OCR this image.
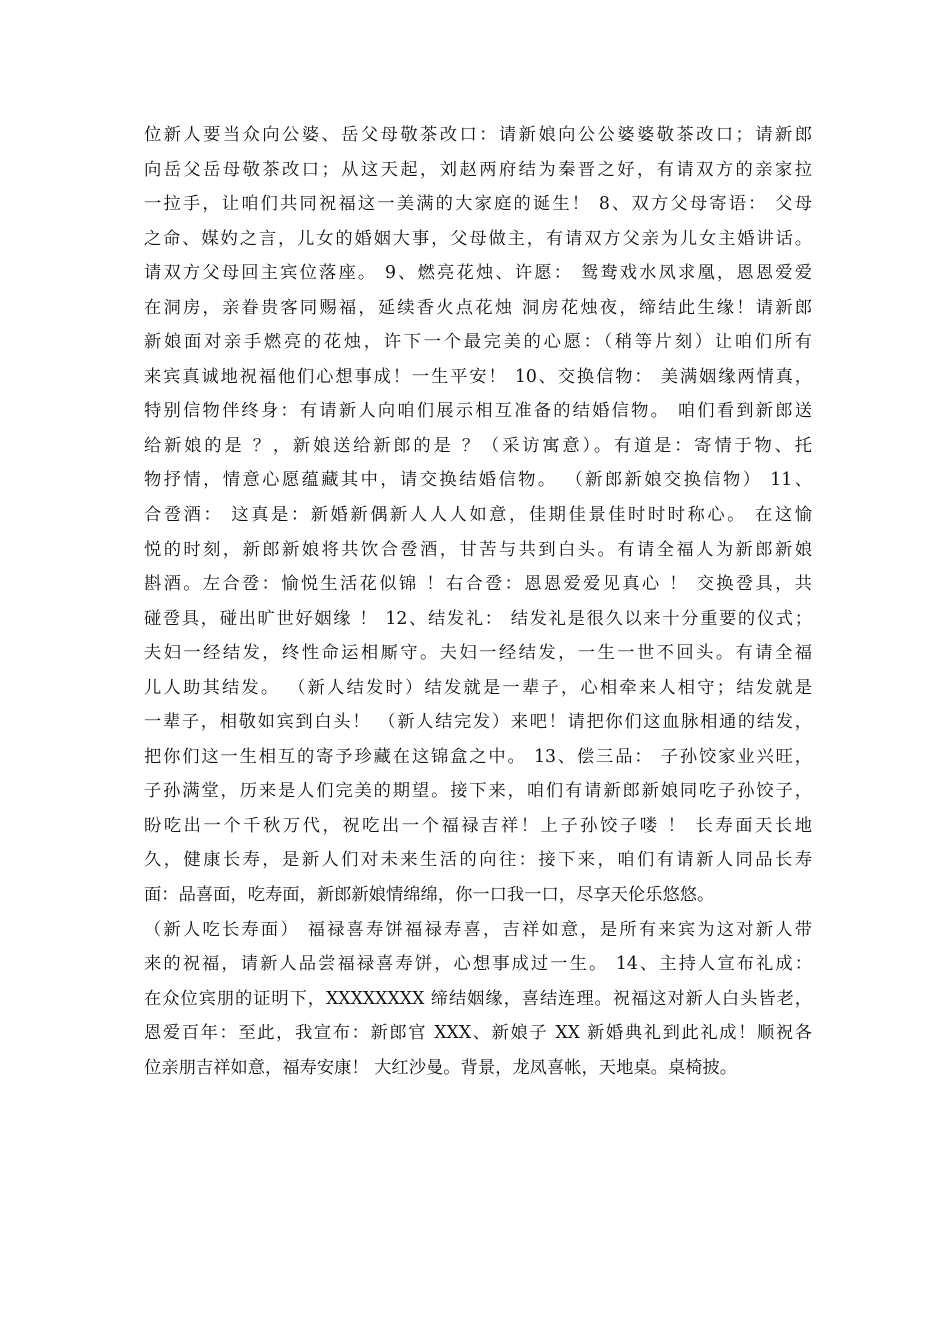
位新人要当众向公婆、岳父母敬茶改口：请新娘向公公婆婆敬茶改口；请新郎
向岳父岳母敬茶改口；从这天起，刘赵两府结为秦晋之好，有请双方的亲家拉
一拉手，让咱们共同祝福这一美满的大家庭的诞生！ 8、双方父母寄语： 父母
之命、媒妁之言，儿女的婚姻大事，父母做主，有请双方父亲为儿女主婚讲话。
请双方父母回主宾位落座。 9、燃亮花烛、许愿： 鸳鸯戏水凤求凰，恩恩爱爱
在洞房，亲眷贵客同赐福，延续香火点花烛 洞房花烛夜，缔结此生缘！请新郎
新娘面对亲手燃亮的花烛，许下一个最完美的心愿：（稍等片刻）让咱们所有
来宾真诚地祝福他们心想事成！一生平安！ 10、交换信物： 美满姻缘两情真，
特别信物伴终身：有请新人向咱们展示相互准备的结婚信物。 咱们看到新郎送
给新娘的是 ？，新娘送给新郎的是 ？（采访寓意）。有道是：寄情于物、托
物抒情，情意心愿蕴藏其中，请交换结婚信物。 （新郎新娘交换信物） 11、
合卺酒： 这真是：新婚新偶新人人人如意，佳期佳景佳时时时称心。 在这愉
悦的时刻，新郎新娘将共饮合卺酒，甘苦与共到白头。有请全福人为新郎新娘
斟酒。左合卺：愉悦生活花似锦 ！右合卺：恩恩爱爱见真心 ！ 交换卺具，共
碰卺具，碰出旷世好姻缘 ！ 12、结发礼： 结发礼是很久以来十分重要的仪式；
夫妇一经结发，终性命运相厮守。夫妇一经结发，一生一世不回头。有请全福
儿人助其结发。 （新人结发时）结发就是一辈子，心相牵来人相守；结发就是
一辈子，相敬如宾到白头！ （新人结完发）来吧！请把你们这血脉相通的结发，
把你们这一生相互的寄予珍藏在这锦盒之中。 13、偿三品： 子孙饺家业兴旺，
子孙满堂，历来是人们完美的期望。接下来，咱们有请新郎新娘同吃子孙饺子，
盼吃出一个千秋万代，祝吃出一个福禄吉祥！上子孙饺子喽 ！ 长寿面天长地
久，健康长寿，是新人们对未来生活的向往：接下来，咱们有请新人同品长寿
面：品喜面，吃寿面，新郎新娘情绵绵，你一口我一口，尽享天伦乐悠悠。
（新人吃长寿面） 福禄喜寿饼福禄寿喜，吉祥如意，是所有来宾为这对新人带
来的祝福，请新人品尝福禄喜寿饼，心想事成过一生。 14、主持人宣布礼成：
在众位宾朋的证明下，XXXXXXXX 缔结姻缘，喜结连理。祝福这对新人白头皆老，
恩爱百年：至此，我宣布：新郎官 XXX、新娘子 XX 新婚典礼到此礼成！顺祝各
位亲朋吉祥如意，福寿安康！ 大红沙曼。背景，龙凤喜帐，天地桌。桌椅披。
